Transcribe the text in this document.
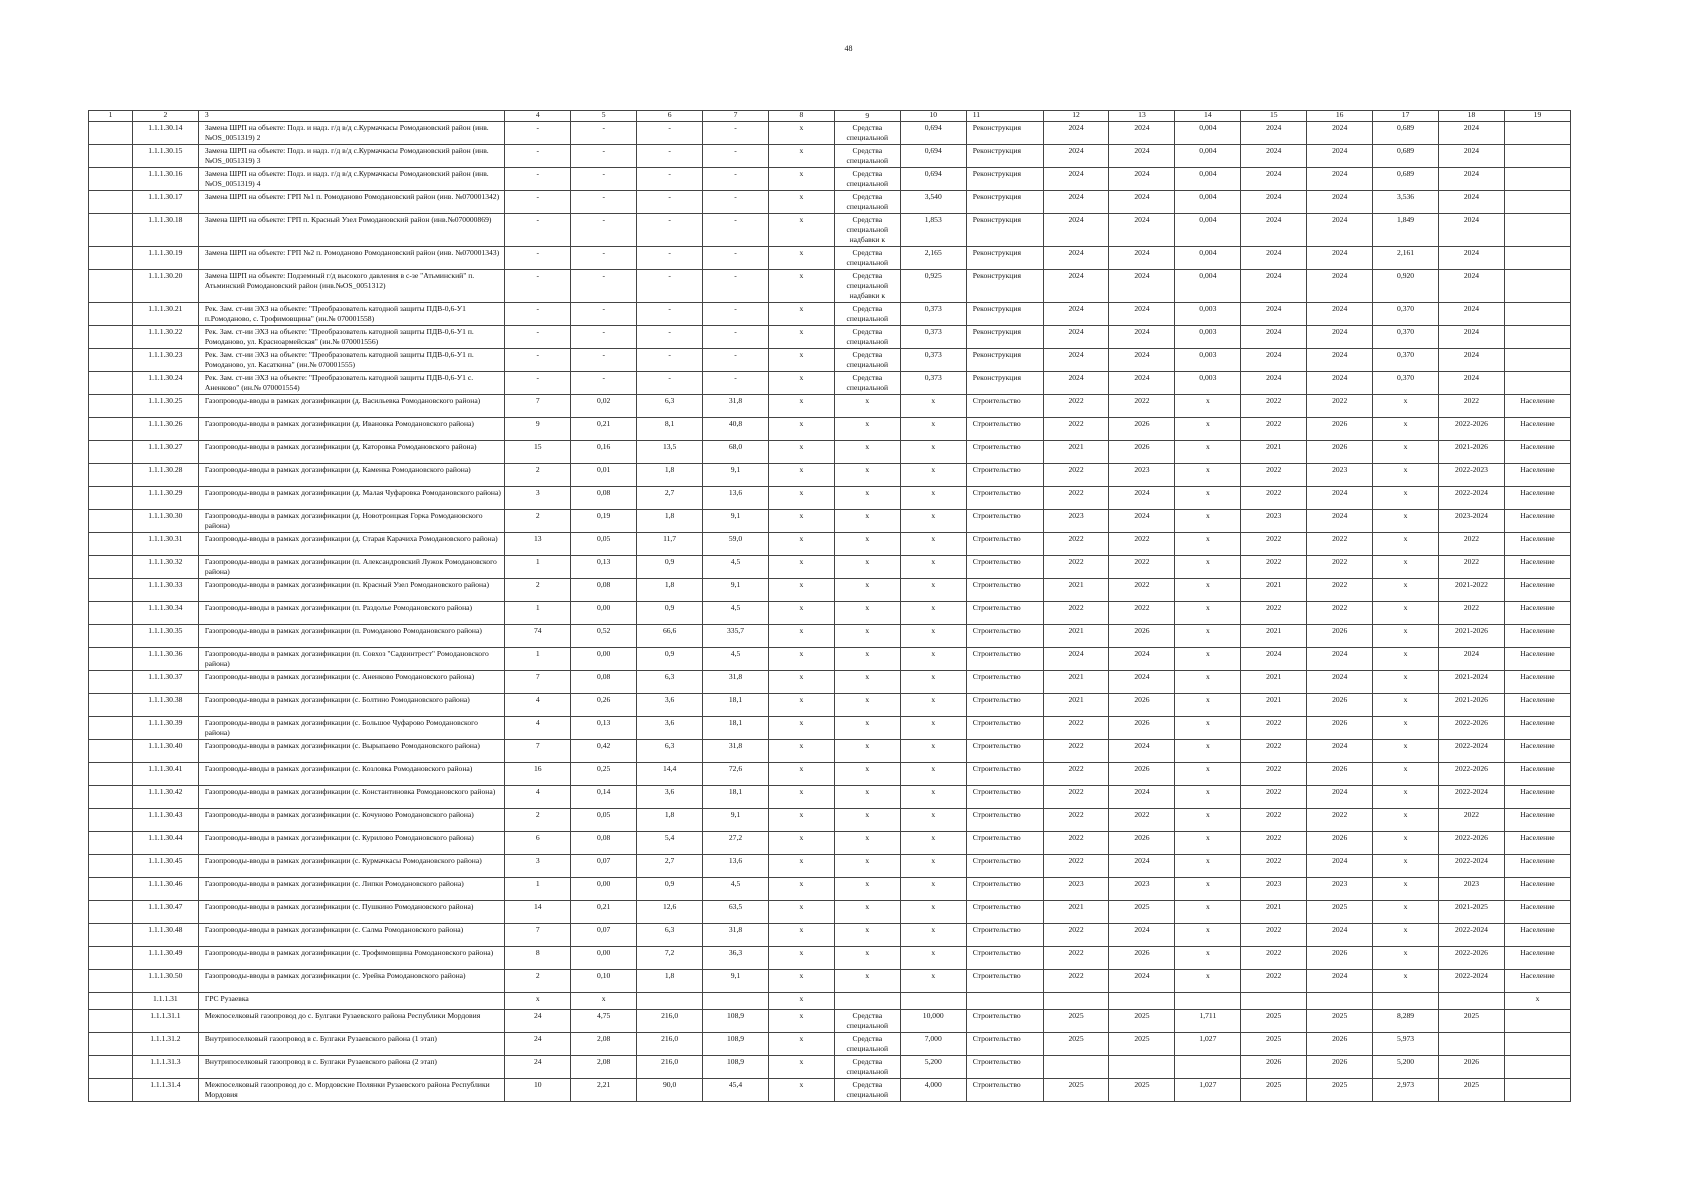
48
1	2	3	4	5	6	7	8	9	10	11	12	13	14	15	16	17	18	19
	1.1.1.30.14	Замена ШРП на объекте: Подз. и надз. г/д в/д с.Курмачкасы Ромодановский район (инв.№OS_0051319) 2	-	-	-	-	x	Средства специальной	0,694	Реконструкция	2024	2024	0,004	2024	2024	0,689	2024	
	1.1.1.30.15	Замена ШРП на объекте: Подз. и надз. г/д в/д с.Курмачкасы Ромодановский район (инв.№OS_0051319) 3	-	-	-	-	x	Средства специальной	0,694	Реконструкция	2024	2024	0,004	2024	2024	0,689	2024	
	1.1.1.30.16	Замена ШРП на объекте: Подз. и надз. г/д в/д с.Курмачкасы Ромодановский район (инв.№OS_0051319) 4	-	-	-	-	x	Средства специальной	0,694	Реконструкция	2024	2024	0,004	2024	2024	0,689	2024	
	1.1.1.30.17	Замена ШРП на объекте: ГРП №1 п. Ромоданово Ромодановский район (инв. №070001342)	-	-	-	-	x	Средства специальной	3,540	Реконструкция	2024	2024	0,004	2024	2024	3,536	2024	
	1.1.1.30.18	Замена ШРП на объекте: ГРП п. Красный Узел Ромодановский район (инв.№070000869)	-	-	-	-	x	Средства специальной надбавки к	1,853	Реконструкция	2024	2024	0,004	2024	2024	1,849	2024	
	1.1.1.30.19	Замена ШРП на объекте: ГРП №2 п. Ромоданово Ромодановский район (инв. №070001343)	-	-	-	-	x	Средства специальной	2,165	Реконструкция	2024	2024	0,004	2024	2024	2,161	2024	
	1.1.1.30.20	Замена ШРП на объекте: Подземный г/д высокого давления в с-зе "Атьминский" п. Атьминский Ромодановский район (инв.№OS_0051312)	-	-	-	-	x	Средства специальной надбавки к	0,925	Реконструкция	2024	2024	0,004	2024	2024	0,920	2024	
	1.1.1.30.21	Рек. Зам. ст-ии ЭХЗ на объекте: "Преобразователь катодной защиты ПДВ-0,6-У1 п.Ромоданово, с. Трофимовщина" (ин.№ 070001558)	-	-	-	-	x	Средства специальной	0,373	Реконструкция	2024	2024	0,003	2024	2024	0,370	2024	
	1.1.1.30.22	Рек. Зам. ст-ии ЭХЗ на объекте: "Преобразователь катодной защиты ПДВ-0,6-У1 п. Ромоданово, ул. Красноармейская" (ин.№ 070001556)	-	-	-	-	x	Средства специальной	0,373	Реконструкция	2024	2024	0,003	2024	2024	0,370	2024	
	1.1.1.30.23	Рек. Зам. ст-ии ЭХЗ на объекте: "Преобразователь катодной защиты ПДВ-0,6-У1 п. Ромоданово, ул. Касаткина" (ин.№ 070001555)	-	-	-	-	x	Средства специальной	0,373	Реконструкция	2024	2024	0,003	2024	2024	0,370	2024	
	1.1.1.30.24	Рек. Зам. ст-ии ЭХЗ на объекте: "Преобразователь катодной защиты ПДВ-0,6-У1 с. Аненково" (ин.№ 070001554)	-	-	-	-	x	Средства специальной	0,373	Реконструкция	2024	2024	0,003	2024	2024	0,370	2024	
	1.1.1.30.25	Газопроводы-вводы в рамках догазификации (д. Васильевка Ромодановского района)	7	0,02	6,3	31,8	x	x	x	Строительство	2022	2022	x	2022	2022	x	2022	Население
	1.1.1.30.26	Газопроводы-вводы в рамках догазификации (д. Ивановка Ромодановского района)	9	0,21	8,1	40,8	x	x	x	Строительство	2022	2026	x	2022	2026	x	2022-2026	Население
	1.1.1.30.27	Газопроводы-вводы в рамках догазификации (д. Каторовка Ромодановского района)	15	0,16	13,5	68,0	x	x	x	Строительство	2021	2026	x	2021	2026	x	2021-2026	Население
	1.1.1.30.28	Газопроводы-вводы в рамках догазификации (д. Каменка Ромодановского района)	2	0,01	1,8	9,1	x	x	x	Строительство	2022	2023	x	2022	2023	x	2022-2023	Население
	1.1.1.30.29	Газопроводы-вводы в рамках догазификации (д. Малая Чуфаровка Ромодановского района)	3	0,08	2,7	13,6	x	x	x	Строительство	2022	2024	x	2022	2024	x	2022-2024	Население
	1.1.1.30.30	Газопроводы-вводы в рамках догазификации (д. Новотроицкая Горка Ромодановского района)	2	0,19	1,8	9,1	x	x	x	Строительство	2023	2024	x	2023	2024	x	2023-2024	Население
	1.1.1.30.31	Газопроводы-вводы в рамках догазификации (д. Старая Карачиха Ромодановского района)	13	0,05	11,7	59,0	x	x	x	Строительство	2022	2022	x	2022	2022	x	2022	Население
	1.1.1.30.32	Газопроводы-вводы в рамках догазификации (п. Александровский Лужок Ромодановского района)	1	0,13	0,9	4,5	x	x	x	Строительство	2022	2022	x	2022	2022	x	2022	Население
	1.1.1.30.33	Газопроводы-вводы в рамках догазификации (п. Красный Узел Ромодановского района)	2	0,08	1,8	9,1	x	x	x	Строительство	2021	2022	x	2021	2022	x	2021-2022	Население
	1.1.1.30.34	Газопроводы-вводы в рамках догазификации (п. Раздолье Ромодановского района)	1	0,00	0,9	4,5	x	x	x	Строительство	2022	2022	x	2022	2022	x	2022	Население
	1.1.1.30.35	Газопроводы-вводы в рамках догазификации (п. Ромоданово Ромодановского района)	74	0,52	66,6	335,7	x	x	x	Строительство	2021	2026	x	2021	2026	x	2021-2026	Население
	1.1.1.30.36	Газопроводы-вводы в рамках догазификации (п. Совхоз "Садвинтрест" Ромодановского района)	1	0,00	0,9	4,5	x	x	x	Строительство	2024	2024	x	2024	2024	x	2024	Население
	1.1.1.30.37	Газопроводы-вводы в рамках догазификации (с. Аненково Ромодановского района)	7	0,08	6,3	31,8	x	x	x	Строительство	2021	2024	x	2021	2024	x	2021-2024	Население
	1.1.1.30.38	Газопроводы-вводы в рамках догазификации (с. Болтино Ромодановского района)	4	0,26	3,6	18,1	x	x	x	Строительство	2021	2026	x	2021	2026	x	2021-2026	Население
	1.1.1.30.39	Газопроводы-вводы в рамках догазификации (с. Большое Чуфарово Ромодановского района)	4	0,13	3,6	18,1	x	x	x	Строительство	2022	2026	x	2022	2026	x	2022-2026	Население
	1.1.1.30.40	Газопроводы-вводы в рамках догазификации (с. Вырыпаево Ромодановского района)	7	0,42	6,3	31,8	x	x	x	Строительство	2022	2024	x	2022	2024	x	2022-2024	Население
	1.1.1.30.41	Газопроводы-вводы в рамках догазификации (с. Козловка Ромодановского района)	16	0,25	14,4	72,6	x	x	x	Строительство	2022	2026	x	2022	2026	x	2022-2026	Население
	1.1.1.30.42	Газопроводы-вводы в рамках догазификации (с. Константиновка Ромодановского района)	4	0,14	3,6	18,1	x	x	x	Строительство	2022	2024	x	2022	2024	x	2022-2024	Население
	1.1.1.30.43	Газопроводы-вводы в рамках догазификации (с. Кочуново Ромодановского района)	2	0,05	1,8	9,1	x	x	x	Строительство	2022	2022	x	2022	2022	x	2022	Население
	1.1.1.30.44	Газопроводы-вводы в рамках догазификации (с. Куриловo Ромодановского района)	6	0,08	5,4	27,2	x	x	x	Строительство	2022	2026	x	2022	2026	x	2022-2026	Население
	1.1.1.30.45	Газопроводы-вводы в рамках догазификации (с. Курмачкасы Ромодановского района)	3	0,07	2,7	13,6	x	x	x	Строительство	2022	2024	x	2022	2024	x	2022-2024	Население
	1.1.1.30.46	Газопроводы-вводы в рамках догазификации (с. Липки Ромодановского района)	1	0,00	0,9	4,5	x	x	x	Строительство	2023	2023	x	2023	2023	x	2023	Население
	1.1.1.30.47	Газопроводы-вводы в рамках догазификации (с. Пушкино Ромодановского района)	14	0,21	12,6	63,5	x	x	x	Строительство	2021	2025	x	2021	2025	x	2021-2025	Население
	1.1.1.30.48	Газопроводы-вводы в рамках догазификации (с. Салма Ромодановского района)	7	0,07	6,3	31,8	x	x	x	Строительство	2022	2024	x	2022	2024	x	2022-2024	Население
	1.1.1.30.49	Газопроводы-вводы в рамках догазификации (с. Трофимовщина Ромодановского района)	8	0,00	7,2	36,3	x	x	x	Строительство	2022	2026	x	2022	2026	x	2022-2026	Население
	1.1.1.30.50	Газопроводы-вводы в рамках догазификации (с. Урейка Ромодановского района)	2	0,10	1,8	9,1	x	x	x	Строительство	2022	2024	x	2022	2024	x	2022-2024	Население
	1.1.1.31	ГРС Рузаевка	x	x			x											x
	1.1.1.31.1	Межпоселковый газопровод до с. Булгаки Рузаевского района Республики Мордовия	24	4,75	216,0	108,9	x	Средства специальной	10,000	Строительство	2025	2025	1,711	2025	2025	8,289	2025	
	1.1.1.31.2	Внутрипоселковый газопровод в с. Булгаки Рузаевского района (1 этап)	24	2,08	216,0	108,9	x	Средства специальной	7,000	Строительство	2025	2025	1,027	2025	2026	5,973		
	1.1.1.31.3	Внутрипоселковый газопровод в с. Булгаки Рузаевского района (2 этап)	24	2,08	216,0	108,9	x	Средства специальной	5,200	Строительство				2026	2026	5,200	2026	
	1.1.1.31.4	Межпоселковый газопровод до с. Мордовские Полянки Рузаевского района Республики Мордовия	10	2,21	90,0	45,4	x	Средства специальной	4,000	Строительство	2025	2025	1,027	2025	2025	2,973	2025	
